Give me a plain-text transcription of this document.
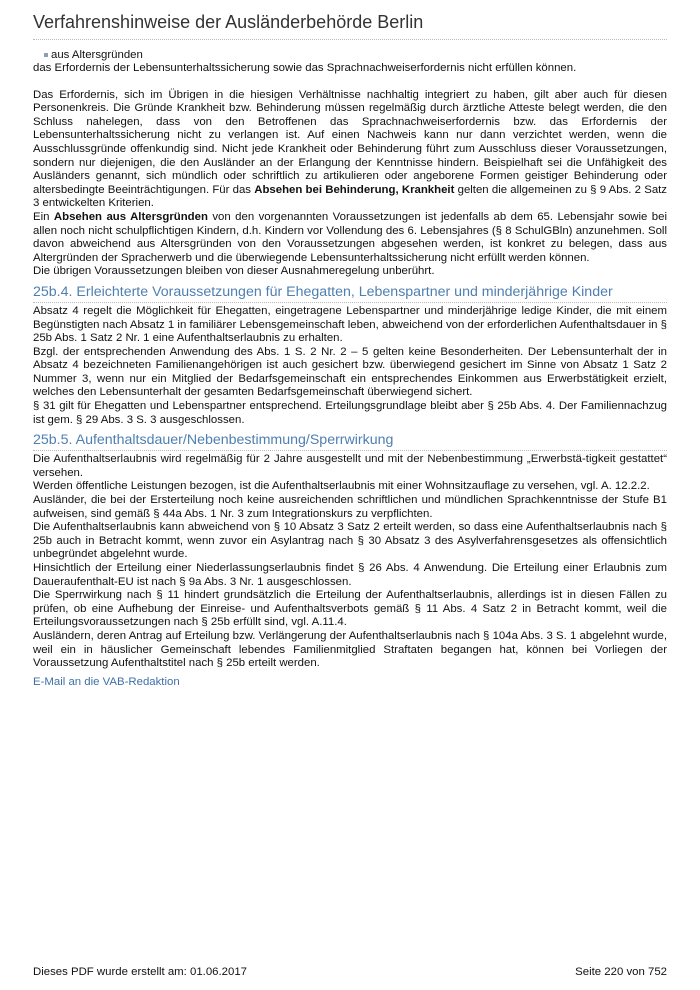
Verfahrenshinweise der Ausländerbehörde Berlin
aus Altersgründen

das Erfordernis der Lebensunterhaltssicherung sowie das Sprachnachweiserfordernis nicht erfüllen können.

Das Erfordernis, sich im Übrigen in die hiesigen Verhältnisse nachhaltig integriert zu haben, gilt aber auch für diesen Personenkreis. Die Gründe Krankheit bzw. Behinderung müssen regelmäßig durch ärztliche Atteste belegt werden, die den Schluss nahelegen, dass von den Betroffenen das Sprachnachweiserfordernis bzw. das Erfordernis der Lebensunterhaltssicherung nicht zu verlangen ist. Auf einen Nachweis kann nur dann verzichtet werden, wenn die Ausschlussgründe offenkundig sind. Nicht jede Krankheit oder Behinderung führt zum Ausschluss dieser Voraussetzungen, sondern nur diejenigen, die den Ausländer an der Erlangung der Kenntnisse hindern. Beispielhaft sei die Unfähigkeit des Ausländers genannt, sich mündlich oder schriftlich zu artikulieren oder angeborene Formen geistiger Behinderung oder altersbedingte Beeinträchtigungen. Für das Absehen bei Behinderung, Krankheit gelten die allgemeinen zu § 9 Abs. 2 Satz 3 entwickelten Kriterien.

Ein Absehen aus Altersgründen von den vorgenannten Voraussetzungen ist jedenfalls ab dem 65. Lebensjahr sowie bei allen noch nicht schulpflichtigen Kindern, d.h. Kindern vor Vollendung des 6. Lebensjahres (§ 8 SchulGBln) anzunehmen. Soll davon abweichend aus Altersgründen von den Voraussetzungen abgesehen werden, ist konkret zu belegen, dass aus Altergründen der Spracherwerb und die überwiegende Lebensunterhaltssicherung nicht erfüllt werden können.

Die übrigen Voraussetzungen bleiben von dieser Ausnahmeregelung unberührt.

25b.4. Erleichterte Voraussetzungen für Ehegatten, Lebenspartner und minderjährige Kinder

Absatz 4 regelt die Möglichkeit für Ehegatten, eingetragene Lebenspartner und minderjährige ledige Kinder, die mit einem Begünstigten nach Absatz 1 in familiärer Lebensgemeinschaft leben, abweichend von der erforderlichen Aufenthaltsdauer in § 25b Abs. 1 Satz 2 Nr. 1 eine Aufenthaltserlaubnis zu erhalten.

Bzgl. der entsprechenden Anwendung des Abs. 1 S. 2 Nr. 2 – 5 gelten keine Besonderheiten. Der Lebensunterhalt der in Absatz 4 bezeichneten Familienangehörigen ist auch gesichert bzw. überwiegend gesichert im Sinne von Absatz 1 Satz 2 Nummer 3, wenn nur ein Mitglied der Bedarfsgemeinschaft ein entsprechendes Einkommen aus Erwerbstätigkeit erzielt, welches den Lebensunterhalt der gesamten Bedarfsgemeinschaft überwiegend sichert.

§ 31 gilt für Ehegatten und Lebenspartner entsprechend. Erteilungsgrundlage bleibt aber § 25b Abs. 4. Der Familiennachzug ist gem. § 29 Abs. 3 S. 3 ausgeschlossen.

25b.5. Aufenthaltsdauer/Nebenbestimmung/Sperrwirkung

Die Aufenthaltserlaubnis wird regelmäßig für 2 Jahre ausgestellt und mit der Nebenbestimmung „Erwerbstä-tigkeit gestattet“ versehen.

Werden öffentliche Leistungen bezogen, ist die Aufenthaltserlaubnis mit einer Wohnsitzauflage zu versehen, vgl. A. 12.2.2.

Ausländer, die bei der Ersterteilung noch keine ausreichenden schriftlichen und mündlichen Sprachkenntnisse der Stufe B1 aufweisen, sind gemäß § 44a Abs. 1 Nr. 3 zum Integrationskurs zu verpflichten.

Die Aufenthaltserlaubnis kann abweichend von § 10 Absatz 3 Satz 2 erteilt werden, so dass eine Aufenthaltserlaubnis nach § 25b auch in Betracht kommt, wenn zuvor ein Asylantrag nach § 30 Absatz 3 des Asylverfahrensgesetzes als offensichtlich unbegründet abgelehnt wurde.

Hinsichtlich der Erteilung einer Niederlassungserlaubnis findet § 26 Abs. 4 Anwendung. Die Erteilung einer Erlaubnis zum Daueraufenthalt-EU ist nach § 9a Abs. 3 Nr. 1 ausgeschlossen.

Die Sperrwirkung nach § 11 hindert grundsätzlich die Erteilung der Aufenthaltserlaubnis, allerdings ist in diesen Fällen zu prüfen, ob eine Aufhebung der Einreise- und Aufenthaltsverbots gemäß § 11 Abs. 4 Satz 2 in Betracht kommt, weil die Erteilungsvoraussetzungen nach § 25b erfüllt sind, vgl. A.11.4.

Ausländern, deren Antrag auf Erteilung bzw. Verlängerung der Aufenthaltserlaubnis nach § 104a Abs. 3 S. 1 abgelehnt wurde, weil ein in häuslicher Gemeinschaft lebendes Familienmitglied Straftaten begangen hat, können bei Vorliegen der Voraussetzung Aufenthaltstitel nach § 25b erteilt werden.

E-Mail an die VAB-Redaktion
Dieses PDF wurde erstellt am: 01.06.2017	Seite 220 von 752
